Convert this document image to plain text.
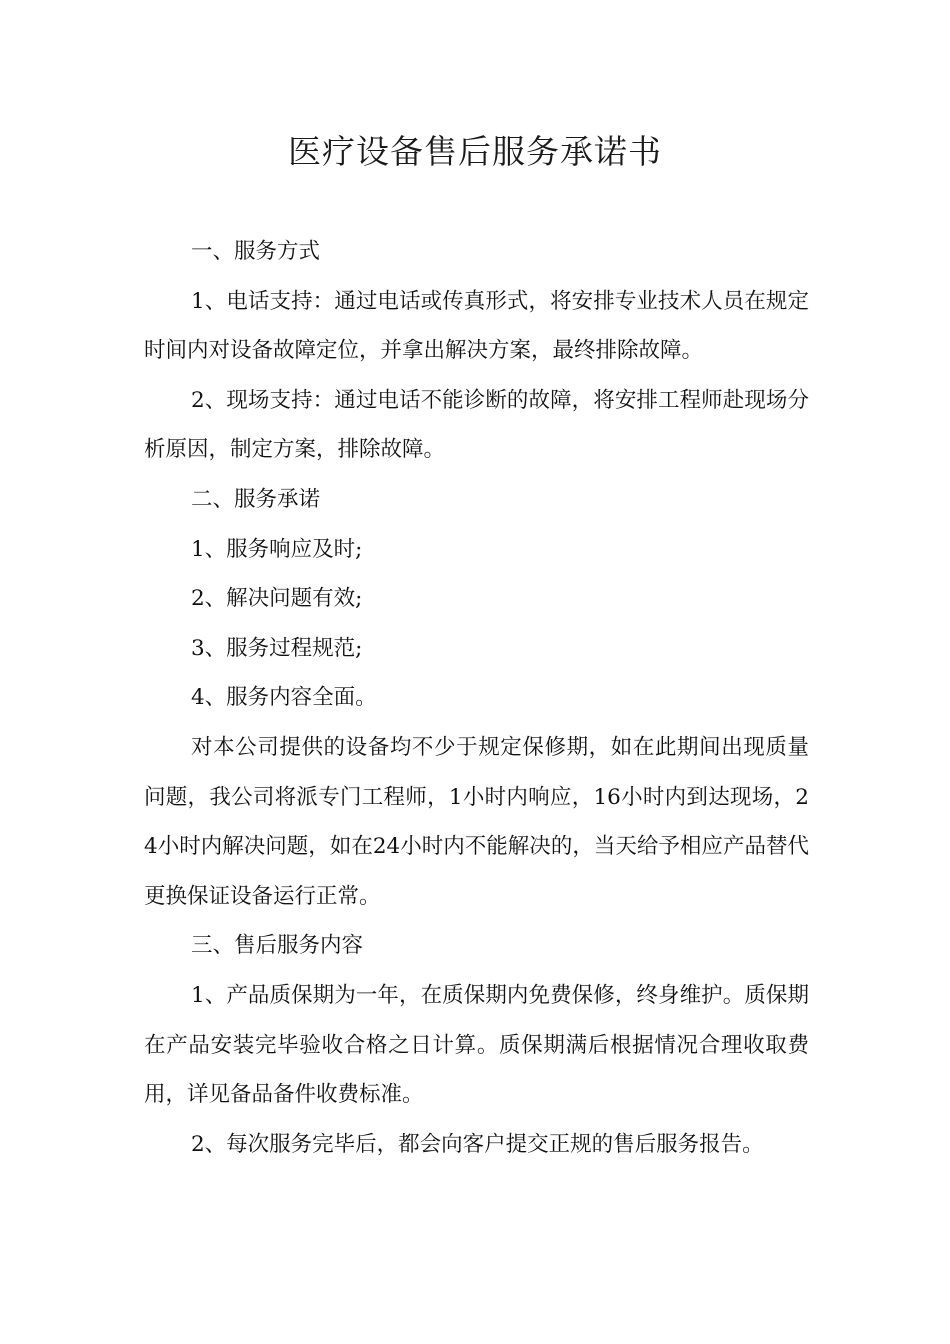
医疗设备售后服务承诺书

一、服务方式

1、电话支持：通过电话或传真形式，将安排专业技术人员在规定时间内对设备故障定位，并拿出解决方案，最终排除故障。

2、现场支持：通过电话不能诊断的故障，将安排工程师赴现场分析原因，制定方案，排除故障。

二、服务承诺

1、服务响应及时;

2、解决问题有效;

3、服务过程规范;

4、服务内容全面。

对本公司提供的设备均不少于规定保修期，如在此期间出现质量问题，我公司将派专门工程师，1小时内响应，16小时内到达现场，24小时内解决问题，如在24小时内不能解决的，当天给予相应产品替代更换保证设备运行正常。

三、售后服务内容

1、产品质保期为一年，在质保期内免费保修，终身维护。质保期在产品安装完毕验收合格之日计算。质保期满后根据情况合理收取费用，详见备品备件收费标准。

2、每次服务完毕后，都会向客户提交正规的售后服务报告。
